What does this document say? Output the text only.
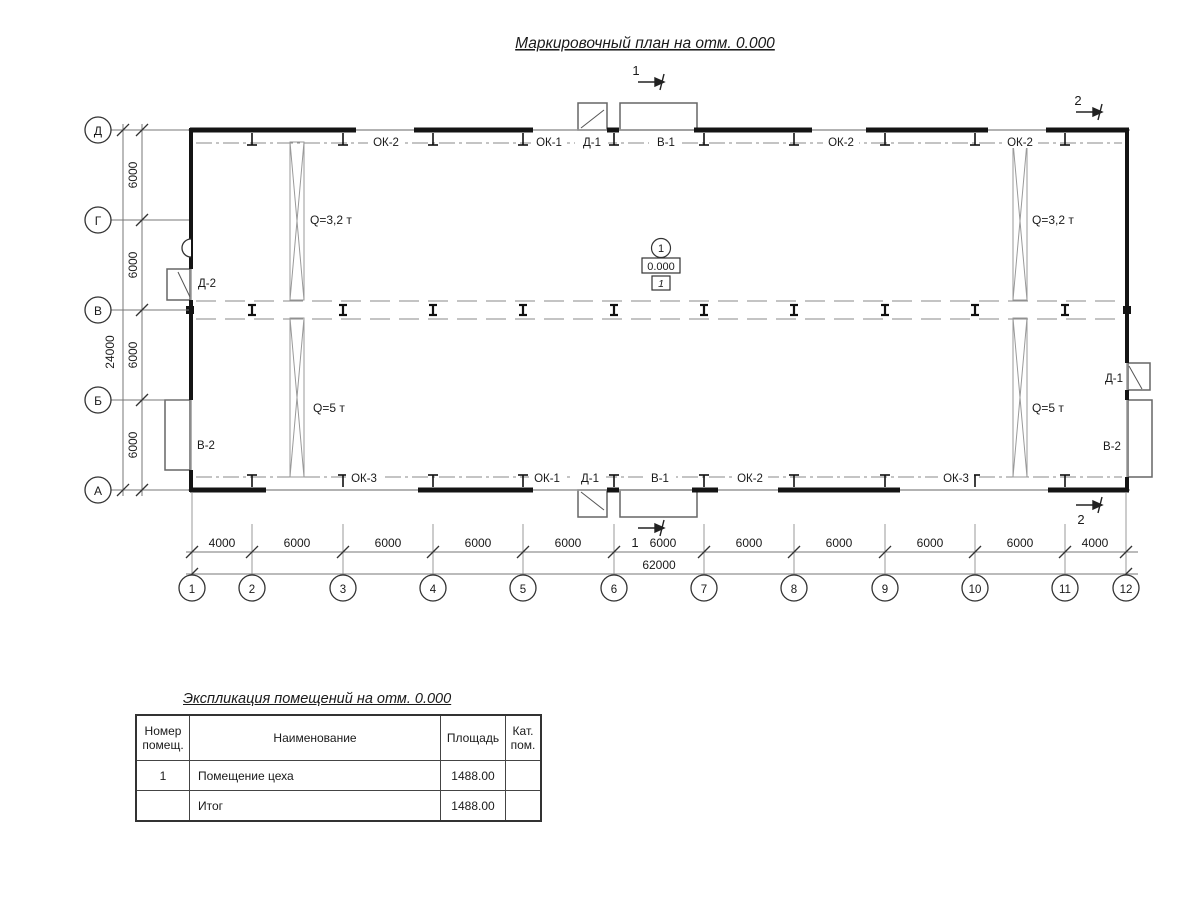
Маркировочный план на отм. 0.000
ОК-2	ОК-1 Д-1	В-1	ОК-2	ОК-2
ОК-3	ОК-1 Д-1	В-1	ОК-2	ОК-3
Д-2
В-2
Д-1
В-2
Q=3,2 т	Q=3,2 т
Q=5 т	Q=5 т
1
0.000
1
1
2
1
2
6000
6000
6000
6000
24000
Д
Г
В
Б
А
4000	6000	6000	6000	6000	6000	6000	6000	6000	6000	4000
62000
1	2	3	4	5	6	7	8	9	10	11	12
Экспликация помещений на отм. 0.000
Номер помещ.	Наименование	Площадь	Кат. пом.
1	Помещение цеха	1488.00	
	Итог	1488.00	
